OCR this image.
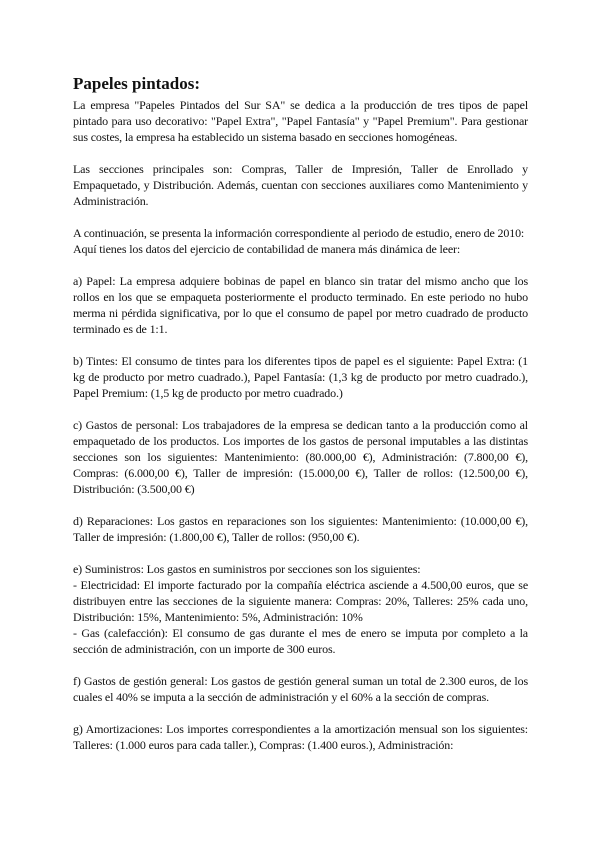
Papeles pintados:

La empresa "Papeles Pintados del Sur SA" se dedica a la producción de tres tipos de papel pintado para uso decorativo: "Papel Extra", "Papel Fantasía" y "Papel Premium". Para gestionar sus costes, la empresa ha establecido un sistema basado en secciones homogéneas.

Las secciones principales son: Compras, Taller de Impresión, Taller de Enrollado y Empaquetado, y Distribución. Además, cuentan con secciones auxiliares como Mantenimiento y Administración.

A continuación, se presenta la información correspondiente al periodo de estudio, enero de 2010:
Aquí tienes los datos del ejercicio de contabilidad de manera más dinámica de leer:

a) Papel: La empresa adquiere bobinas de papel en blanco sin tratar del mismo ancho que los rollos en los que se empaqueta posteriormente el producto terminado. En este periodo no hubo merma ni pérdida significativa, por lo que el consumo de papel por metro cuadrado de producto terminado es de 1:1.

b) Tintes: El consumo de tintes para los diferentes tipos de papel es el siguiente: Papel Extra: (1 kg de producto por metro cuadrado.), Papel Fantasía: (1,3 kg de producto por metro cuadrado.), Papel Premium: (1,5 kg de producto por metro cuadrado.)

c) Gastos de personal: Los trabajadores de la empresa se dedican tanto a la producción como al empaquetado de los productos. Los importes de los gastos de personal imputables a las distintas secciones son los siguientes: Mantenimiento: (80.000,00 €), Administración: (7.800,00 €), Compras: (6.000,00 €), Taller de impresión: (15.000,00 €), Taller de rollos: (12.500,00 €), Distribución: (3.500,00 €)

d) Reparaciones: Los gastos en reparaciones son los siguientes: Mantenimiento: (10.000,00 €), Taller de impresión: (1.800,00 €), Taller de rollos: (950,00 €).

e) Suministros: Los gastos en suministros por secciones son los siguientes:
- Electricidad: El importe facturado por la compañía eléctrica asciende a 4.500,00 euros, que se distribuyen entre las secciones de la siguiente manera: Compras: 20%, Talleres: 25% cada uno, Distribución: 15%, Mantenimiento: 5%, Administración: 10%
- Gas (calefacción): El consumo de gas durante el mes de enero se imputa por completo a la sección de administración, con un importe de 300 euros.

f) Gastos de gestión general: Los gastos de gestión general suman un total de 2.300 euros, de los cuales el 40% se imputa a la sección de administración y el 60% a la sección de compras.

g) Amortizaciones: Los importes correspondientes a la amortización mensual son los siguientes: Talleres: (1.000 euros para cada taller.), Compras: (1.400 euros.), Administración:
